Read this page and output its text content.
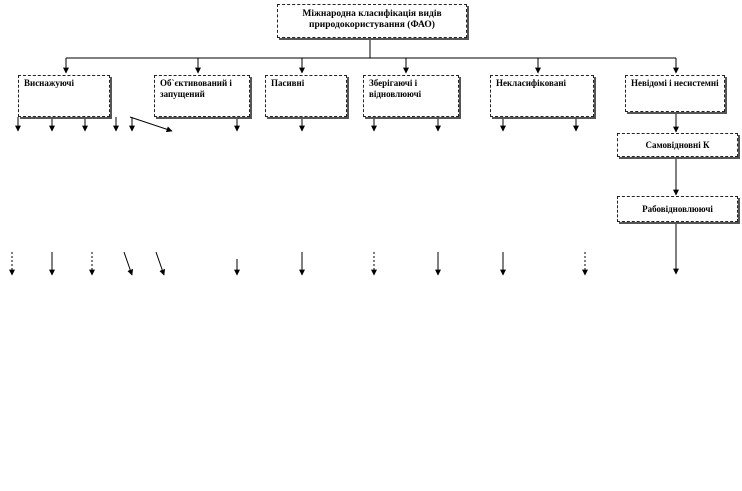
Міжнародна класифікація видів природокористування (ФАО)
Виснажуючі	Об`єктивований і запущений
Пасивні	Зберігаючі і відновлюючі
Некласифіковані	Невідомі і несистемні
Самовідновні К
Рабовідновлюючі
